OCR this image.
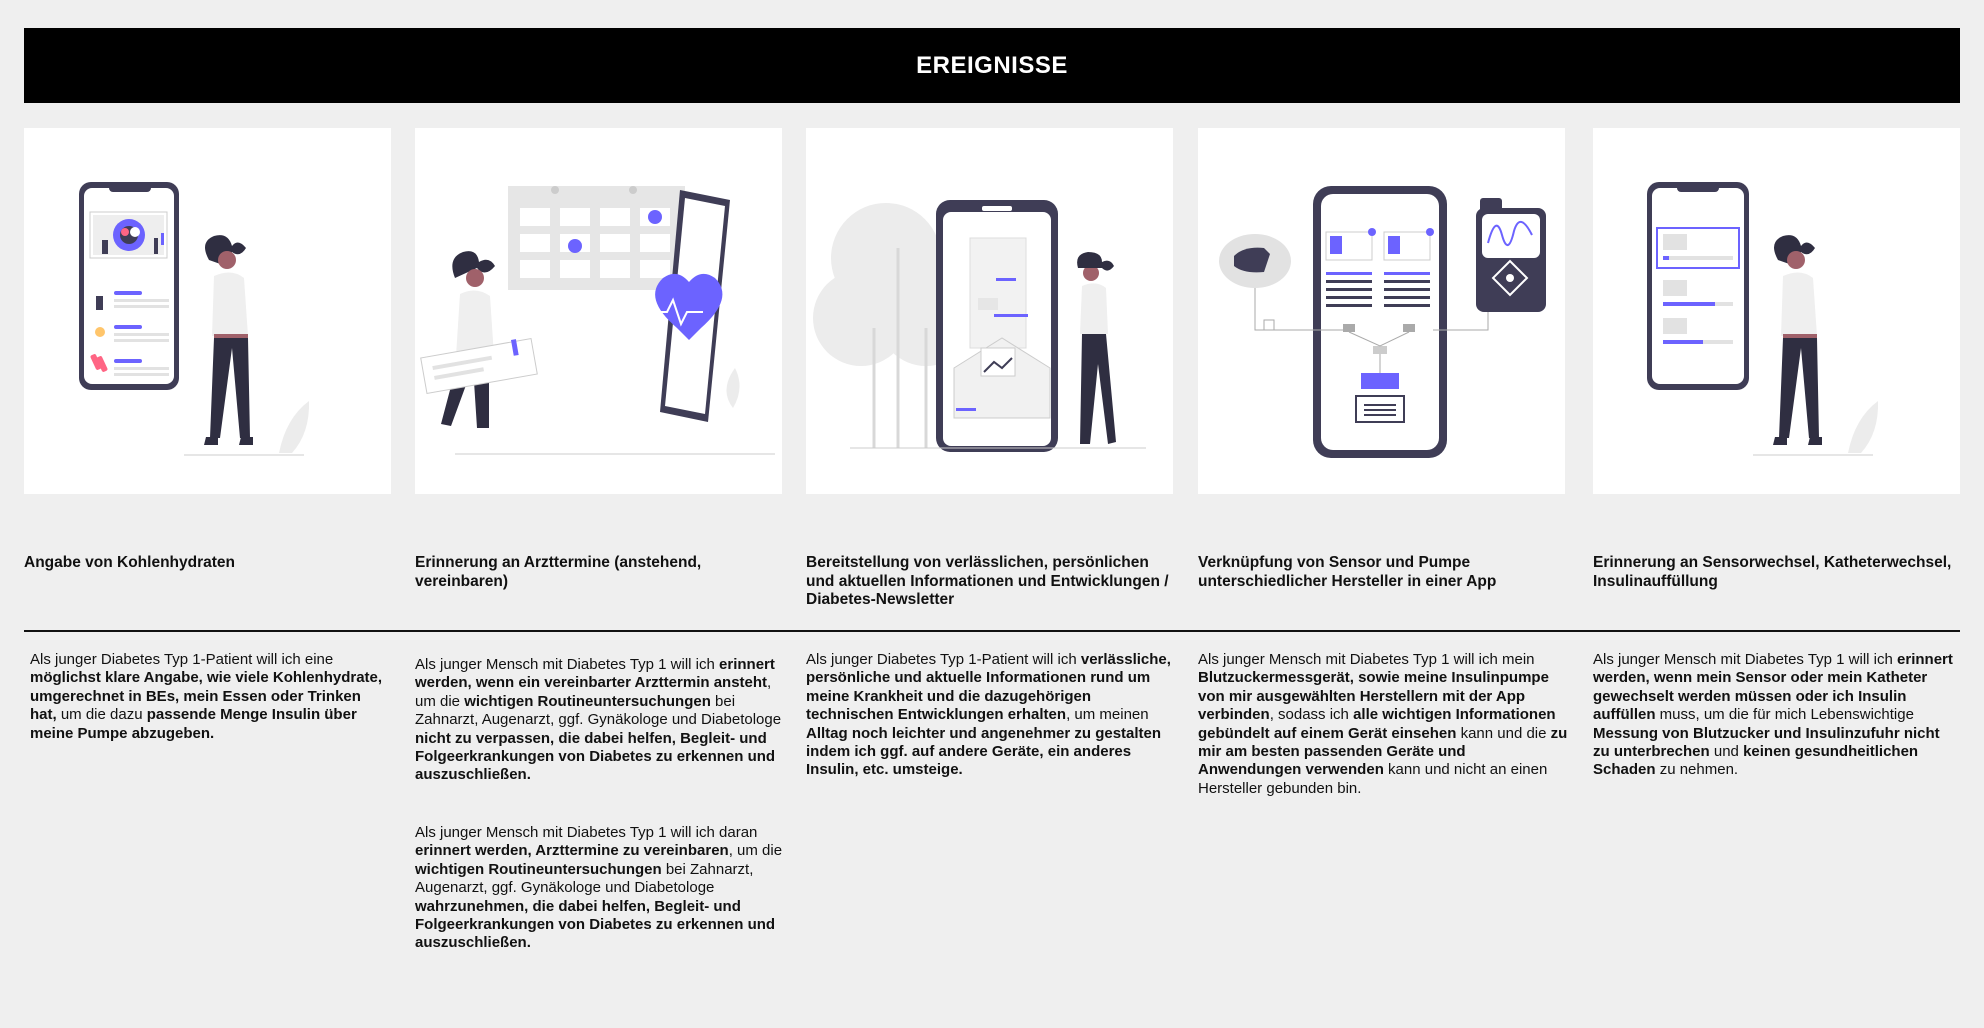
EREIGNISSE
Angabe von Kohlenhydraten	Erinnerung an Arzttermine (anstehend, vereinbaren)
Bereitstellung von verlässlichen, persönlichen und aktuellen Informationen und Entwicklungen / Diabetes-Newsletter
Verknüpfung von Sensor und Pumpe unterschiedlicher Hersteller in einer App
Erinnerung an Sensorwechsel, Katheterwechsel, Insulinauffüllung
Als junger Diabetes Typ 1-Patient will ich eine möglichst klare Angabe, wie viele Kohlenhydrate, umgerechnet in BEs, mein Essen oder Trinken hat, um die dazu passende Menge Insulin über meine Pumpe abzugeben.
Als junger Mensch mit Diabetes Typ 1 will ich erinnert werden, wenn ein vereinbarter Arzttermin ansteht, um die wichtigen Routineuntersuchungen bei Zahnarzt, Augenarzt, ggf. Gynäkologe und Diabetologe nicht zu verpassen, die dabei helfen, Begleit- und Folgeerkrankungen von Diabetes zu erkennen und auszuschließen.
Als junger Mensch mit Diabetes Typ 1 will ich daran erinnert werden, Arzttermine zu vereinbaren, um die wichtigen Routineuntersuchungen bei Zahnarzt, Augenarzt, ggf. Gynäkologe und Diabetologe wahrzunehmen, die dabei helfen, Begleit- und Folgeerkrankungen von Diabetes zu erkennen und auszuschließen.
Als junger Diabetes Typ 1-Patient will ich verlässliche, persönliche und aktuelle Informationen rund um meine Krankheit und die dazugehörigen technischen Entwicklungen erhalten, um meinen Alltag noch leichter und angenehmer zu gestalten indem ich ggf. auf andere Geräte, ein anderes Insulin, etc. umsteige.
Als junger Mensch mit Diabetes Typ 1 will ich mein Blutzuckermessgerät, sowie meine Insulinpumpe von mir ausgewählten Herstellern mit der App verbinden, sodass ich alle wichtigen Informationen gebündelt auf einem Gerät einsehen kann und die zu mir am besten passenden Geräte und Anwendungen verwenden kann und nicht an einen Hersteller gebunden bin.
Als junger Mensch mit Diabetes Typ 1 will ich erinnert werden, wenn mein Sensor oder mein Katheter gewechselt werden müssen oder ich Insulin auffüllen muss, um die für mich Lebenswichtige Messung von Blutzucker und Insulinzufuhr nicht zu unterbrechen und keinen gesundheitlichen Schaden zu nehmen.
